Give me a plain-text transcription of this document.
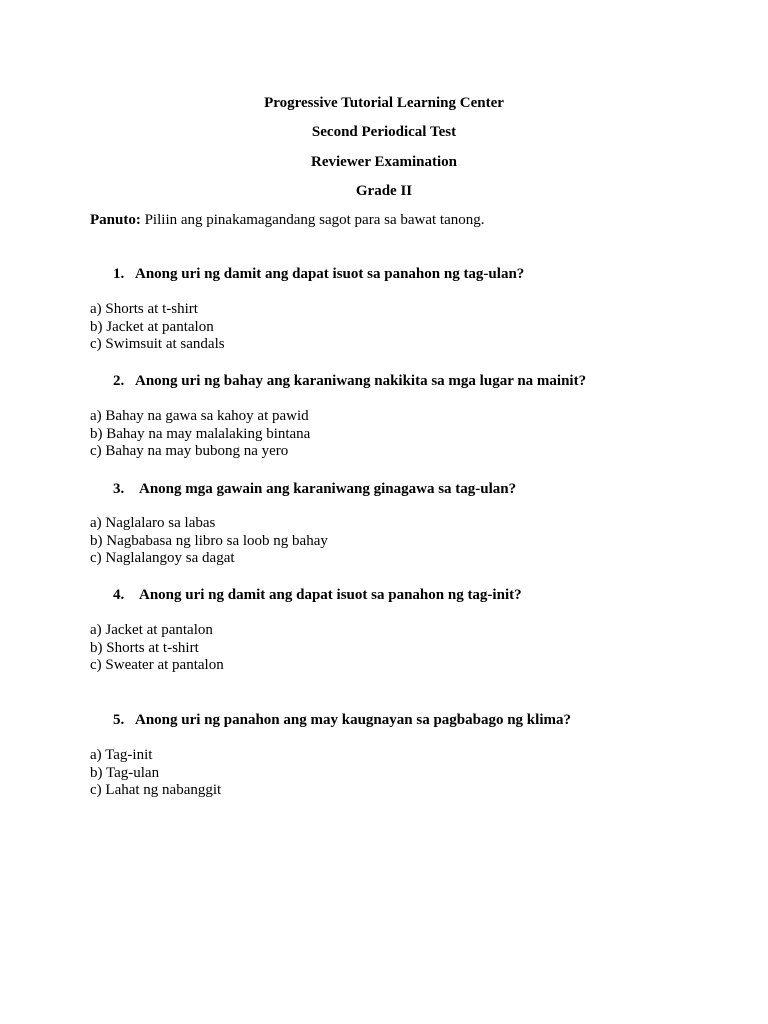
Progressive Tutorial Learning Center
Second Periodical Test
Reviewer Examination
Grade II
Panuto: Piliin ang pinakamagandang sagot para sa bawat tanong.
1. Anong uri ng damit ang dapat isuot sa panahon ng tag-ulan?
a) Shorts at t-shirt
b) Jacket at pantalon
c) Swimsuit at sandals
2. Anong uri ng bahay ang karaniwang nakikita sa mga lugar na mainit?
a) Bahay na gawa sa kahoy at pawid
b) Bahay na may malalaking bintana
c) Bahay na may bubong na yero
3. Anong mga gawain ang karaniwang ginagawa sa tag-ulan?
a) Naglalaro sa labas
b) Nagbabasa ng libro sa loob ng bahay
c) Naglalangoy sa dagat
4. Anong uri ng damit ang dapat isuot sa panahon ng tag-init?
a) Jacket at pantalon
b) Shorts at t-shirt
c) Sweater at pantalon
5. Anong uri ng panahon ang may kaugnayan sa pagbabago ng klima?
a) Tag-init
b) Tag-ulan
c) Lahat ng nabanggit
